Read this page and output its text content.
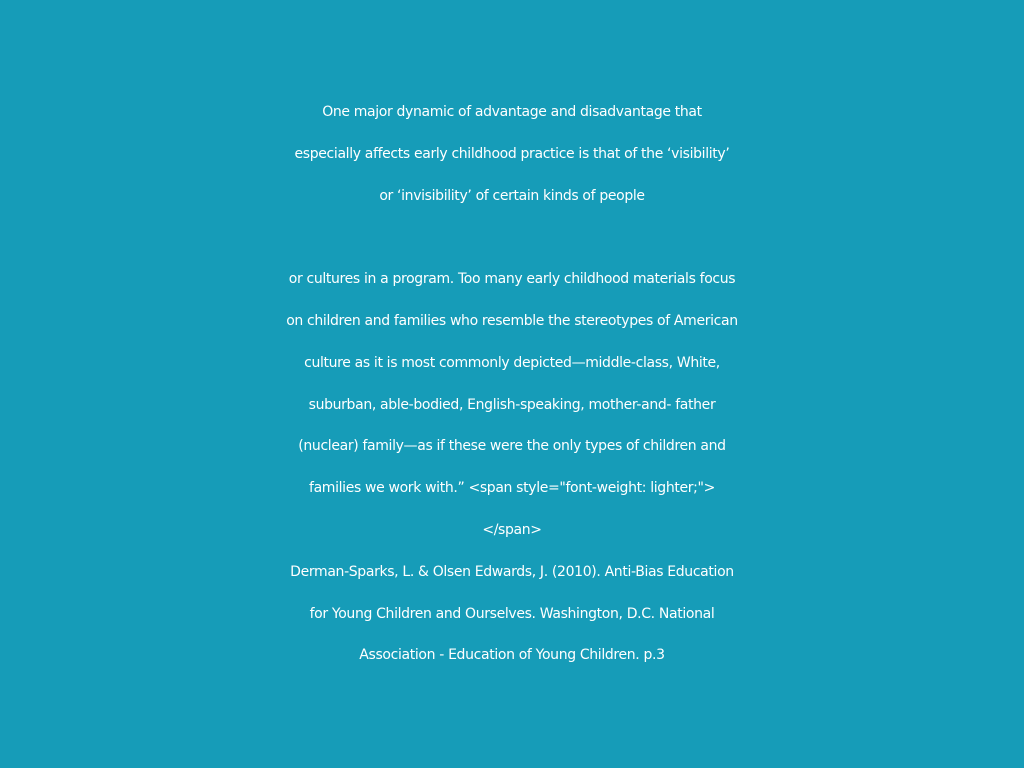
One major dynamic of advantage and disadvantage that
especially affects early childhood practice is that of the ‘visibility’
or ‘invisibility’ of certain kinds of people
or cultures in a program. Too many early childhood materials focus
on children and families who resemble the stereotypes of American
culture as it is most commonly depicted—middle-class, White,
suburban, able-bodied, English-speaking, mother-and- father
(nuclear) family—as if these were the only types of children and
families we work with.” <span style="font-weight: lighter;">
</span>
Derman-Sparks, L. & Olsen Edwards, J. (2010). Anti-Bias Education
for Young Children and Ourselves. Washington, D.C. National
Association - Education of Young Children. p.3
